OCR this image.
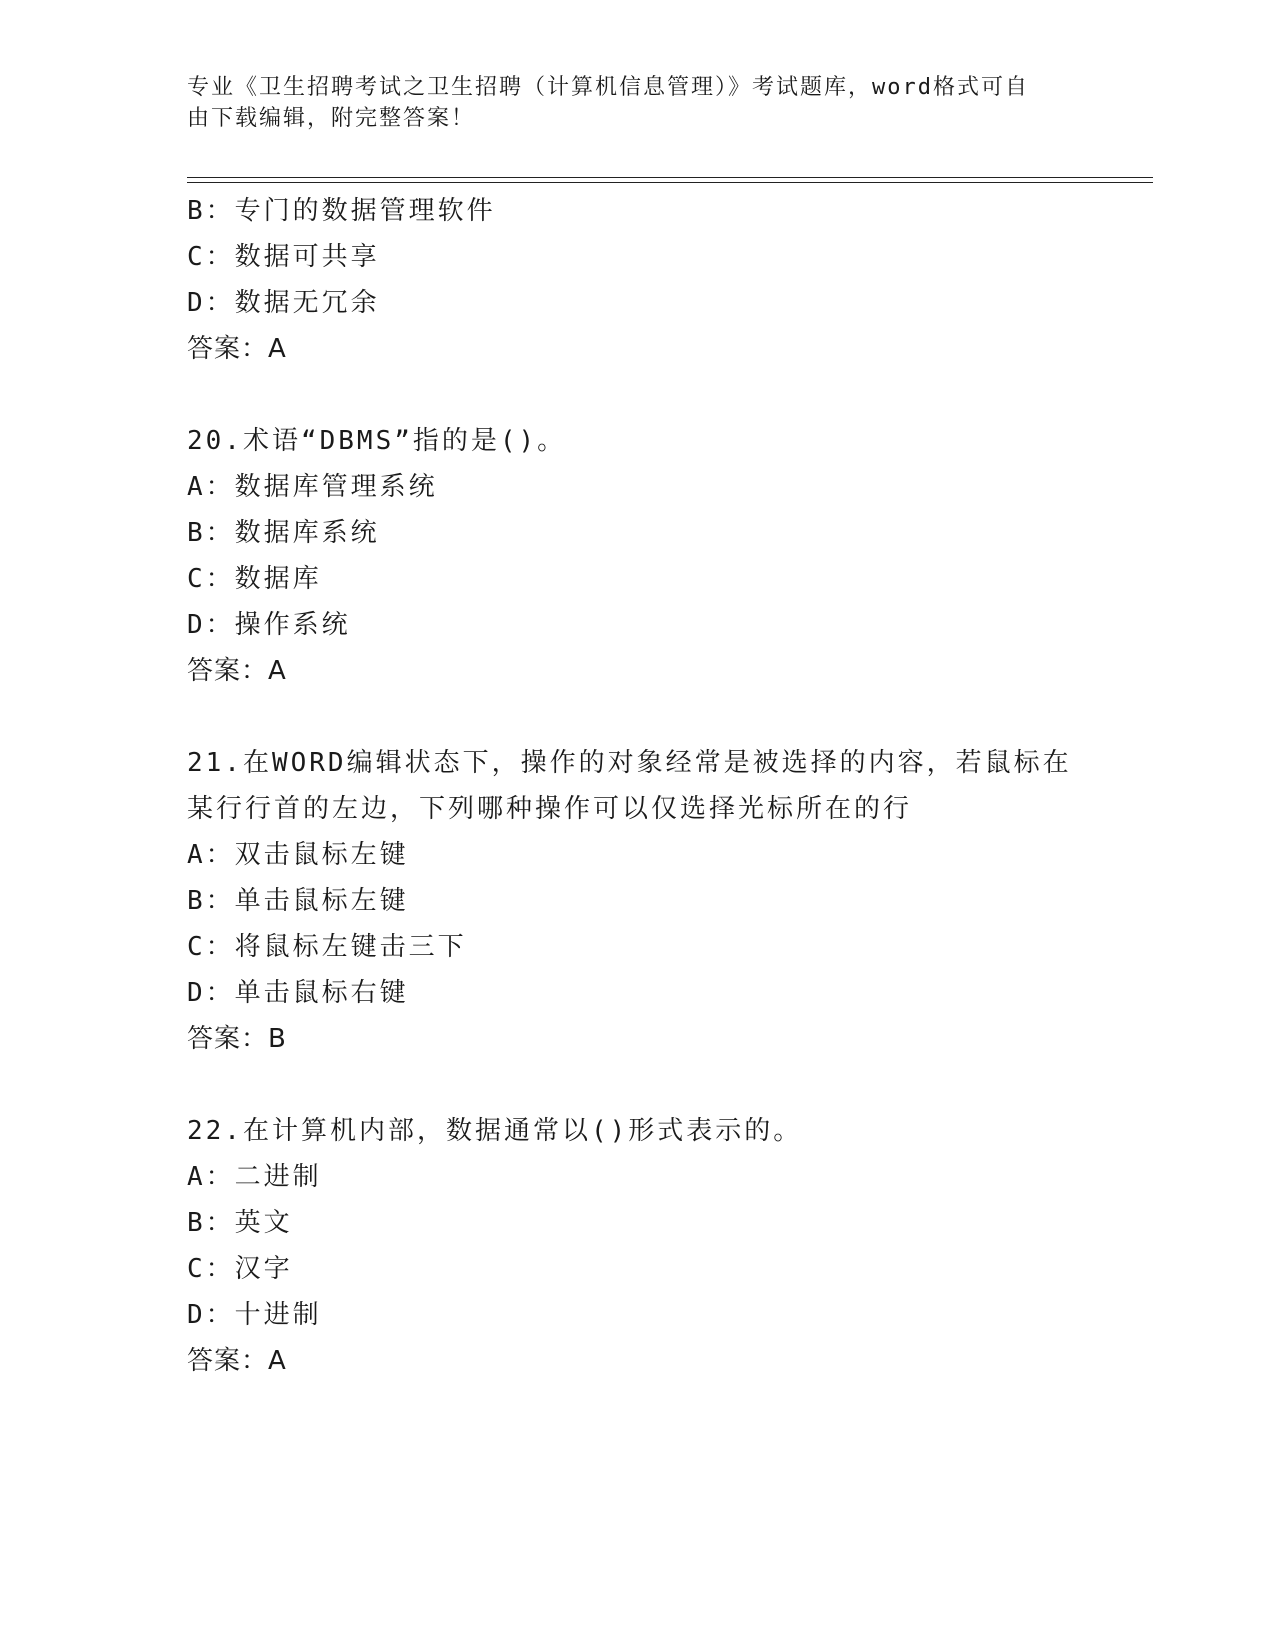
专业《卫生招聘考试之卫生招聘（计算机信息管理）》考试题库，word格式可自
由下载编辑，附完整答案！
B：专门的数据管理软件
C：数据可共享
D：数据无冗余
答案：A
20.术语“DBMS”指的是()。
A：数据库管理系统
B：数据库系统
C：数据库
D：操作系统
答案：A
21.在WORD编辑状态下，操作的对象经常是被选择的内容，若鼠标在
某行行首的左边，下列哪种操作可以仅选择光标所在的行
A：双击鼠标左键
B：单击鼠标左键
C：将鼠标左键击三下
D：单击鼠标右键
答案：B
22.在计算机内部，数据通常以()形式表示的。
A：二进制
B：英文
C：汉字
D：十进制
答案：A
